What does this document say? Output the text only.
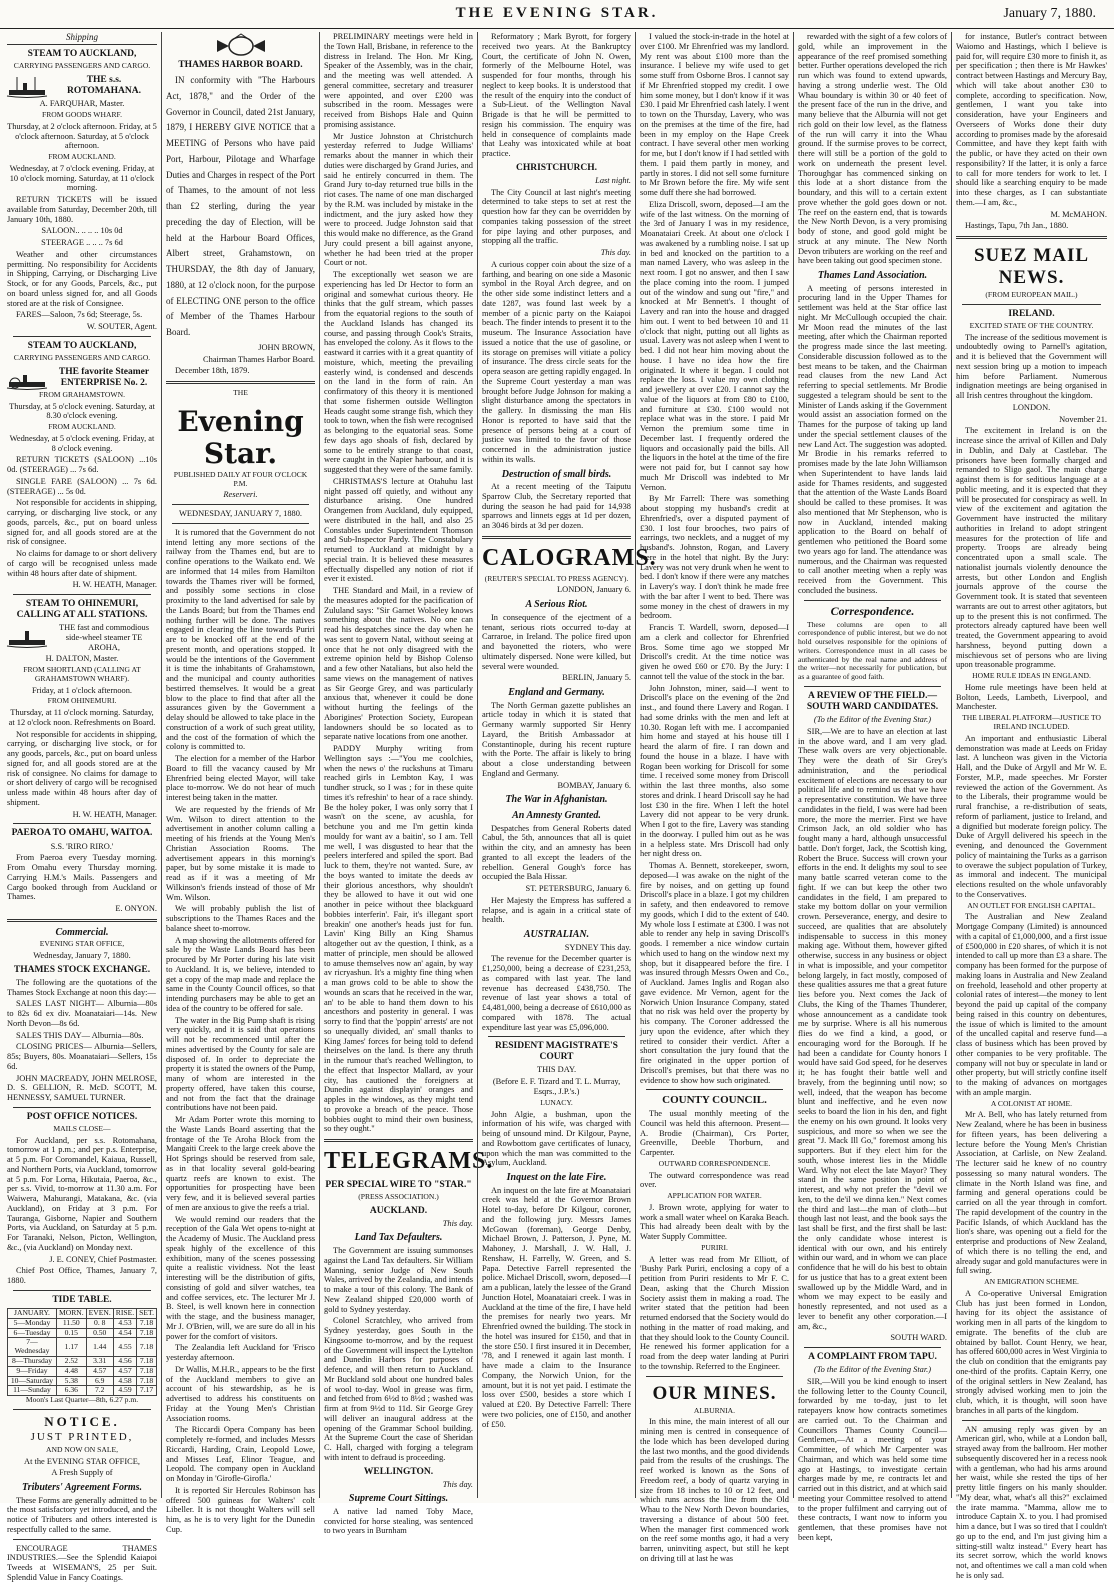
THE EVENING STAR.	January 7, 1880.
Shipping

STEAM TO AUCKLAND,

CARRYING PASSENGERS AND CARGO.

THE s.s. ROTOMAHANA.

A. FARQUHAR, Master.

FROM GOODS WHARF.

Thursday, at 2 o'clock afternoon. Friday, at 5 o'clock afternoon. Saturday, at 5 o'clock afternoon.

FROM AUCKLAND.

Wednesday, at 7 o'clock evening. Friday, at 10 o'clock morning. Saturday, at 11 o'clock morning.

RETURN TICKETS will be issued available from Saturday, December 20th, till January 10th, 1880.

SALOON.. .. .. .. 10s 0d

STEERAGE .. .. .. 7s 6d

Weather and other circumstances permitting. No responsibility for Accidents in Shipping, Carrying, or Discharging Live Stock, or for any Goods, Parcels, &c., put on board unless signed for, and all Goods stored are at the risk of Consignee.

FARES—Saloon, 7s 6d; Steerage, 5s.

W. SOUTER, Agent.

STEAM TO AUCKLAND,

CARRYING PASSENGERS AND CARGO.

THE favorite Steamer ENTERPRISE No. 2.

FROM GRAHAMSTOWN.

Thursday, at 5 o'clock evening. Saturday, at 8.30 o'clock evening.

FROM AUCKLAND.

Wednesday, at 5 o'clock evening. Friday, at 8 o'clock evening.

RETURN TICKETS (SALOON) ...10s 0d. (STEERAGE) ... 7s 6d.

SINGLE FARE (SALOON) ... 7s 6d. (STEERAGE) ... 5s 0d.

Not responsible for accidents in shipping, carrying, or discharging live stock, or any goods, parcels, &c., put on board unless signed for, and all goods stored are at the risk of consignee.

No claims for damage to or short delivery of cargo will be recognised unless made within 48 hours after date of shipment.

H. W. HEATH, Manager.

STEAM TO OHINEMURI, CALLING AT ALL STATIONS.

THE fast and commodious side-wheel steamer TE AROHA,

H. DALTON, Master.

FROM SHORTLAND (CALLING AT GRAHAMSTOWN WHARF).

Friday, at 1 o'clock afternoon.

FROM OHINEMURI.

Thursday, at 11 o'clock morning. Saturday, at 12 o'clock noon. Refreshments on Board.

Not responsible for accidents in shipping, carrying, or discharging live stock, or for any goods, parcels, &c., put on board unless signed for, and all goods stored are at the risk of consignee. No claims for damage to or short delivery of cargo will be recognised unless made within 48 hours after day of shipment.

H. W. HEATH, Manager.

PAEROA TO OMAHU, WAITOA.

S.S. 'RIRO RIRO.'

From Paeroa every Tuesday morning. From Omahu every Thursday morning. Carrying H.M.'s Mails. Passengers and Cargo booked through from Auckland or Thames.

E. ONYON.

Commercial.

EVENING STAR OFFICE,

Wednesday, January 7, 1880.

THAMES STOCK EXCHANGE.

The following are the quotations of the Thames Stock Exchange at noon this day:—

SALES LAST NIGHT— Alburnia—80s to 82s 6d ex div. Moanataiari—14s. New North Devon—8s 6d.

SALES THIS DAY— Alburnia—80s.

CLOSING PRICES— Alburnia—Sellers, 85s; Buyers, 80s. Moanataiari—Sellers, 15s 6d.

JOHN MACREADY, JOHN MELROSE, D. S. GELLION, R. McD. SCOTT, M. HENNESSY, SAMUEL TURNER.

POST OFFICE NOTICES.

MAILS CLOSE—

For Auckland, per s.s. Rotomahana, tomorrow at 1 p.m.; and per p.s. Enterprise, at 5 p.m. For Coromandel, Kaiaua, Russell, and Northern Ports, via Auckland, tomorrow at 5 p.m. For Lorna, Hikutaia, Paeroa, &c., per s.s. Vivid, to-morrow at 11.30 a.m. For Waiwera, Mahurangi, Matakana, &c. (via Auckland), on Friday at 3 p.m. For Tauranga, Gisborne, Napier and Southern Ports, via Auckland, on Saturday at 5 p.m. For Taranaki, Nelson, Picton, Wellington, &c., (via Auckland) on Monday next.

J. E. CONEY, Chief Postmaster.

Chief Post Office, Thames, January 7, 1880.

TIDE TABLE.

JANUARY.	MORN.	EVEN.	RISE.	SET.
5—Monday	11.50	0. 8	4.53	7.18
6—Tuesday	0.15	0.50	4.54	7.18
7—Wednesday	1.17	1.44	4.55	7.18
8—Thursday	2.52	3.31	4.56	7.18
9—Friday	4.48	4.57	4.57	7.18
10—Saturday	5.38	6.9	4.58	7.18
11—Sunday	6.36	7.2	4.59	7.17

Moon's Last Quarter—8th, 6.27 p.m.

NOTICE.

JUST PRINTED,

AND NOW ON SALE,

At the EVENING STAR OFFICE,

A Fresh Supply of

Tributers' Agreement Forms.

These Forms are generally admitted to be the most satisfactory yet introduced, and the notice of Tributers and others interested is respectfully called to the same.

ENCOURAGE THAMES INDUSTRIES.—See the Splendid Kaiapoi Tweeds at WISEMAN'S, 25 per Suit. Splendid Value in Fancy Coatings.

THAMES HARBOR BOARD.

IN conformity with "The Harbours Act, 1878," and the Order of the Governor in Council, dated 21st January, 1879, I HEREBY GIVE NOTICE that a MEETING of Persons who have paid Port, Harbour, Pilotage and Wharfage Duties and Charges in respect of the Port of Thames, to the amount of not less than £2 sterling, during the year preceding the day of Election, will be held at the Harbour Board Offices, Albert street, Grahamstown, on THURSDAY, the 8th day of January, 1880, at 12 o'clock noon, for the purpose of ELECTING ONE person to the office of Member of the Thames Harbour Board.

JOHN BROWN,

Chairman Thames Harbor Board.

December 18th, 1879.

THE

Evening Star.

PUBLISHED DAILY AT FOUR O'CLOCK P.M.

Reserveri.

WEDNESDAY, JANUARY 7, 1880.

It is rumored that the Government do not intend letting any more sections of the railway from the Thames end, but are to confine operations to the Waikato end. We are informed that 14 miles from Hamilton towards the Thames river will be formed, and possibly some sections in close proximity to the land advertised for sale by the Lands Board; but from the Thames end nothing further will be done. The natives engaged in clearing the line towards Puriri are to be knocked off at the end of the present month, and operations stopped. It would be the intentions of the Government it is time the inhabitants of Grahamstown, and the municipal and county authorities bestirred themselves. It would be a great blow to the place to find that after all the assurances given by the Government a delay should be allowed to take place in the construction of a work of such great utility, and the cost of the formation of which the colony is committed to.

The election for a member of the Harbor Board to fill the vacancy caused by Mr Ehrenfried being elected Mayor, will take place to-morrow. We do not hear of much interest being taken in the matter.

We are requested by the friends of Mr Wm. Wilson to direct attention to the advertisement in another column calling a meeting of his friends at the Young Men's Christian Association Rooms. The advertisement appears in this morning's paper, but by some mistake it is made to read as if it was a meeting of Mr Wilkinson's friends instead of those of Mr Wm. Wilson.

We will probably publish the list of subscriptions to the Thames Races and the balance sheet to-morrow.

A map showing the allotments offered for sale by the Waste Lands Board has been procured by Mr Porter during his late visit to Auckland. It is, we believe, intended to get a copy of the map made and replace the same in the County Council offices, so that intending purchasers may be able to get an idea of the country to be offered for sale.

The water in the Big Pump shaft is rising very quickly, and it is said that operations will not be recommenced until after the mines advertised by the County for sale are disposed of. In order to depreciate the property it is stated the owners of the Pump, many of whom are interested in the property offered, have taken this course, and not from the fact that the drainage contributions have not been paid.

Mr Adam Porter wrote this morning to the Waste Lands Board asserting that the frontage of the Te Aroha Block from the Mangaiti Creek to the large creek above the Hot Springs should be reserved from sale, as in that locality several gold-bearing quartz reefs are known to exist. The opportunities for prospecting have been very few, and it is believed several parties of men are anxious to give the reefs a trial.

We would remind our readers that the reception of the Gala Wet opens to-night at the Academy of Music. The Auckland press speak highly of the excellence of this exhibition, many of the scenes possessing quite a realistic vividness. Not the least interesting will be the distribution of gifts, consisting of gold and silver watches, tea and coffee services, etc. The lecturer Mr J. B. Steel, is well known here in connection with the stage, and the business manager, Mr J. O'Brien, will, we are sure do all in his power for the comfort of visitors.

The Zealandia left Auckland for 'Frisco yesterday afternoon.

Dr Wallis, M.H.R., appears to be the first of the Auckland members to give an account of his stewardship, as he is advertised to address his constituents on Friday at the Young Men's Christian Association rooms.

The Riccardi Opera Company has been completely re-formed, and includes Messrs Riccardi, Harding, Crain, Leopold Lowe, and Misses Leaf, Elinor Teague, and Leopold. The company open in Auckland on Monday in 'Girofle-Girofla.'

It is reported Sir Hercules Robinson has offered 500 guineas for Walters' colt Libeller. It is not thought Walters will sell him, as he is to very light for the Dunedin Cup.

PRELIMINARY meetings were held in the Town Hall, Brisbane, in reference to the distress in Ireland. The Hon. Mr King, Speaker of the Assembly, was in the chair, and the meeting was well attended. A general committee, secretary and treasurer were appointed, and over £200 was subscribed in the room. Messages were received from Bishops Hale and Quinn promising assistance.

Mr Justice Johnston at Christchurch yesterday referred to Judge Williams' remarks about the manner in which their duties were discharged by Grand Juries, and said he entirely concurred in them. The Grand Jury to-day returned true bills in the riot cases. The name of one man discharged by the R.M. was included by mistake in the indictment, and the jury asked how they were to proceed. Judge Johnston said that this would make no difference, as the Grand Jury could present a bill against anyone, whether he had been tried at the proper Court or not.

The exceptionally wet season we are experiencing has led Dr Hector to form an original and somewhat curious theory. He thinks that the gulf stream, which passes from the equatorial regions to the south of the Auckland Islands has changed its course, and passing through Cook's Straits, has enveloped the colony. As it flows to the eastward it carries with it a great quantity of moisture, which, meeting the prevailing easterly wind, is condensed and descends on the land in the form of rain. An confirmatory of this theory it is mentioned that some fishermen outside Wellington Heads caught some strange fish, which they took to town, when the fish were recognised as belonging to the equatorial seas. Some few days ago shoals of fish, declared by some to be entirely strange to that coast, were caught in the Napier harbour, and it is suggested that they were of the same family.

CHRISTMAS'S lecture at Otahuhu last night passed off quietly, and without any disturbance arising. One hundred Orangemen from Auckland, duly equipped, were distributed in the hall, and also 25 Constables under Superintendent Thomson and Sub-Inspector Pardy. The Constabulary returned to Auckland at midnight by a special train. It is believed these measures effectually dispelled any notion of riot if ever it existed.

THE Standard and Mail, in a review of the measures adopted for the pacification of Zululand says: "Sir Garnet Wolseley knows something about the natives. No one can read his despatches since the day when he was sent to govern Natal, without seeing at once that he not only disagreed with the extreme opinion held by Bishop Colenso and a few other Natalians, but also held the same views on the management of natives as Sir George Grey, and was particularly anxious that, whenever it could be done without hurting the feelings of the Aborigines' Protection Society, European landowners should be so located as to separate native locations from one another.

PADDY Murphy writing from Wellington says :—"You me coolchies, when the news o' the ruckshuns at Timaru reached girls in Lembton Kay, I was tundher struck, so I was ; for in these quite times it's refreshin' to hear of a race shindy. Be the holey poker, I was only sorry that I wasn't on the scene, av acushla, for betchune you and me I'm gettin kinda mouldy for want av a baitin', so I am. Tell me well, I was disgusted to hear that the peelers interfered and spiled the sport. Bad luck to them, they're not wanted. Sure, av the boys wanted to imitate the deeds av their glorious ancesthors, why shouldn't they be allowed to have it out wid one another in peice without thee blackguard bobbies interferin'. Fair, it's illegant sport breakin' one another's heads just for fun. Lavin' King Billy an King Shamus altogether out av the question, I think, as a matter of principle, men should be allowed to amuse themselves now an' again, by way av ricryashun. It's a mighty fine thing when a man grows cold to be able to show the wounds an scars that he received in the war, an' to be able to hand them down to his ancesthors and posterity in general. I was sorry to find that the 'poppin' arrests' are not so unequally divided, an' small thanks to King James' forces for being told to defend theirselves on the land. Is there any thruth in the rumour that's reached Wellington, to the effect that Inspector Mallard, av your city, has cautioned the foreigners at Dunedin against displayin' oranges and apples in the windows, as they might tend to provoke a breach of the peace. Those bobbies ought to mind their own business, so they ought."

TELEGRAMS.

PER SPECIAL WIRE TO "STAR."

(PRESS ASSOCIATION.)

AUCKLAND.

This day.

Land Tax Defaulters.

The Government are issuing summonses against the Land Tax defaulters. Sir William Manning, senior Judge of New South Wales, arrived by the Zealandia, and intends to make a tour of this colony. The Bank of New Zealand shipped £20,000 worth of gold to Sydney yesterday.

Colonel Scratchley, who arrived from Sydney yesterday, goes South in the Kingsoome to-morrow, and by the request of the Government will inspect the Lyttelton and Dunedin Harbors for purposes of defence, and will then return to Auckland. Mr Buckland sold about one hundred bales of wool to-day. Wool in grease was firm, and fetched from 6½d to 8½d ; washed was firm at from 9½d to 11d. Sir George Grey will deliver an inaugural address at the opening of the Grammar School building. At the Supreme Court the case of Sheridan C. Hall, charged with forging a telegram with intent to defraud is proceeding.

WELLINGTON.

This day.

Supreme Court Sittings.

A native lad named Toby Mace, convicted for horse stealing, was sentenced to two years in Burnham

Reformatory ; Mark Byrott, for forgery received two years. At the Bankruptcy Court, the certificate of John N. Owen, formerly of the Melbourne Hotel, was suspended for four months, through his neglect to keep books. It is understood that the result of the enquiry into the conduct of a Sub-Lieut. of the Wellington Naval Brigade is that he will be permitted to resign his commission. The enquiry was held in consequence of complaints made that Leahy was intoxicated while at boat practice.

CHRISTCHURCH.

Last night.

The City Council at last night's meeting determined to take steps to set at rest the question how far they can be overridden by companies taking possession of the street for pipe laying and other purposes, and stopping all the traffic.

This day.

A curious copper coin about the size of a farthing, and bearing on one side a Masonic symbol in the Royal Arch degree, and on the other side some indistinct letters and a date 1287, was found last week by a member of a picnic party on the Kaiapoi beach. The finder intends to present it to the museum. The Insurance Association have issued a notice that the use of gasoline, or its storage on premises will vitiate a policy of insurance. The dress circle seats for the opera season are getting rapidly engaged. In the Supreme Court yesterday a man was brought before Judge Johnson for making a slight disturbance among the spectators in the gallery. In dismissing the man His Honor is reported to have said that the presence of persons being at a court of justice was limited to the favor of those concerned in the administration justice within its walls.

Destruction of small birds.

At a recent meeting of the Taiputu Sparrow Club, the Secretary reported that during the season he had paid for 14,938 sparrows and linnets eggs at 1d per dozen, an 3046 birds at 3d per dozen.

CALOGRAMS.

(REUTER'S SPECIAL TO PRESS AGENCY).

LONDON, January 6.

A Serious Riot.

In consequence of the ejectment of a tenant, serious riots occurred to-day at Carraroe, in Ireland. The police fired upon and bayonetted the rioters, who were ultimately dispersed. None were killed, but several were wounded.

BERLIN, January 5.

England and Germany.

The North German gazette publishes an article today in which it is stated that Germany warmly supported Sir Henry Layard, the British Ambassador at Constantinople, during his recent rupture with the Porte. The affair is likely to bring about a close understanding between England and Germany.

BOMBAY, January 6.

The War in Afghanistan.

An Amnesty Granted.

Despatches from General Roberts dated Cabul, the 5th, announces that all is quiet within the city, and an amnesty has been granted to all except the leaders of the rebellion. General Gough's force has occupied the Bala Hissar.

ST. PETERSBURG, January 6.

Her Majesty the Empress has suffered a relapse, and is again in a critical state of health.

AUSTRALIAN.

SYDNEY This day.

The revenue for the December quarter is £1,250,000, being a decrease of £231,253, as compared with last year. The land revenue has decreased £438,750. The revenue of last year shows a total of £4,481,000, being a decrease of £610,000 as compared with 1878. The actual expenditure last year was £5,096,000.

RESIDENT MAGISTRATE'S COURT

THIS DAY.

(Before E. F. Tizard and T. L. Murray, Esqrs., J.P.'s.)

LUNACY.

John Algie, a bushman, upon the information of his wife, was charged with being of unsound mind. Dr Kilgour, Payne, and Rowbottom gave certificates of lunacy, upon which the man was committed to the Asylum, Auckland.

Inquest on the late Fire.

An inquest on the late fire at Moanataiari creek was held at the Governor Brown Hotel to-day, before Dr Kilgour, coroner, and the following jury. Messrs James McGowan (foreman), George Denby, Michael Brown, J. Patterson, J. Pyne, M. Mahoney, J. Marshall, J. W. Hall, J. Renshaw, H. Farrelly, W. Green, and S. Papa. Detective Farrell represented the police. Michael Driscoll, sworn, deposed—I am a publican, lately the lessee of the Grand Junction Hotel, Moanataiari creek. I was in Auckland at the time of the fire, I have held the premises for nearly two years. Mr Ehrenfried owned the building. The stock in the hotel was insured for £150, and that in the store £50. I first insured it in December, '78, and I renewed it again last month. I have made a claim to the Insurance Company, the Norwich Union, for the amount, but it is not yet paid. I estimate the loss over £500, besides a store which I valued at £20. By Detective Farrell: There were two policies, one of £150, and another of £50.

I valued the stock-in-trade in the hotel at over £100. Mr Ehrenfried was my landlord. My rent was about £100 more than the insurance. I believe my wife used to get some stuff from Osborne Bros. I cannot say if Mr Ehrenfried stopped my credit. I owe him some money, but I don't know if it was £30. I paid Mr Ehrenfried cash lately. I went to town on the Thursday, Lavery, who was on the premises at the time of the fire, had been in my employ on the Hape Creek contract. I have several other men working for me, but I don't know if I had settled with them. I paid them partly in money, and partly in stores. I did not sell some furniture to Mr Brown before the fire. My wife sent some duff there she had borrowed.

Eliza Driscoll, sworn, deposed—I am the wife of the last witness. On the morning of the 3rd of January I was in my residence, Moanataiari Creek. At about one o'clock I was awakened by a rumbling noise. I sat up in bed and knocked on the partition to a man named Lavery, who was asleep in the next room. I got no answer, and then I saw the place coming into the room. I jumped out of the window and sung out "fire," and knocked at Mr Bennett's. I thought of Lavery and ran into the house and dragged him out. I went to bed between 10 and 11 o'clock that night, putting out all lights as usual. Lavery was not asleep when I went to bed. I did not hear him moving about the house. I have no idea how the fire originated. It where it began. I could not replace the loss. I value my own clothing and jewellery at over £20. I cannot say the value of the liquors at from £80 to £100, and furniture at £30. £100 would not replace what was in the store. I paid Mr Vernon the premium some time in December last. I frequently ordered the liquors and occasionally paid the bills. All the liquors in the hotel at the time of the fire were not paid for, but I cannot say how much Mr Driscoll was indebted to Mr Vernon.

By Mr Farrell: There was something about stopping my husband's credit at Ehrenfried's, over a disputed payment of £30. I lost four brooches, two pairs of earrings, two necklets, and a nugget of my husband's. Johnston, Rogan, and Lavery were in the hotel that night. By the Jury: Lavery was not very drunk when he went to bed. I don't know if there were any matches in Lavery's way. I don't think he made free with the bar after I went to bed. There was some money in the chest of drawers in my bedroom.

Francis T. Wardell, sworn, deposed—I am a clerk and collector for Ehrenfried Bros. Some time ago we stopped Mr Driscoll's credit. At the time notice was given he owed £60 or £70. By the Jury: I cannot tell the value of the stock in the bar.

John Johnston, miner, said—I went to Driscoll's place on the evening of the 2nd inst., and found there Lavery and Rogan. I had some drinks with the men and left at 10.30. Rogan left with me. I accompanied him home and stayed at his house till I heard the alarm of fire. I ran down and found the house in a blaze. I have with Rogan been working for Driscoll for some time. I received some money from Driscoll within the last three months, also some stores and drink. I heard Driscoll say he had lost £30 in the fire. When I left the hotel Lavery did not appear to be very drunk. When I got to the fire, Lavery was standing in the doorway. I pulled him out as he was in a helpless state. Mrs Driscoll had only her night dress on.

Thomas A. Bennett, storekeeper, sworn, deposed—I was awake on the night of the fire by noises, and on getting up found Driscoll's place in a blaze. I got my children in safety, and then endeavored to remove my goods, which I did to the extent of £40. My whole loss I estimate at £300. I was not able to render any help in saving Driscoll's goods. I remember a nice window curtain which used to hang on the window next my shop, but it disappeared before the fire. I was insured through Messrs Owen and Co., of Auckland. James Inglis and Rogan also gave evidence. Mr Vernon, agent for the Norwich Union Insurance Company, stated that no risk was held over the property by his company. The Coroner addressed the jury upon the evidence, after which they retired to consider their verdict. After a short consultation the jury found that the fire originated in the upper portion of Driscoll's premises, but that there was no evidence to show how such originated.

COUNTY COUNCIL.

The usual monthly meeting of the Council was held this afternoon. Present—A. Brodie (Chairman), Crs Porter, Greenville, Deeble Thorburn, and Carpenter.

OUTWARD CORRESPONDENCE.

The outward correspondence was read over.

APPLICATION FOR WATER.

J. Brown wrote, applying for water to work a small water wheel on Karaka Beach. This had already been dealt with by the Water Supply Committee.

PURIRI.

A letter was read from Mr Elliott, of 'Bushy Park Puriri, enclosing a copy of a petition from Puriri residents to Mr F. C. Dean, asking that the Church Mission Society assist them in making a road. The writer stated that the petition had been returned endorsed that the Society would do nothing in the matter of road making, and that they should look to the County Council. He renewed his former application for a road from the deep water landing at Puriri to the township. Referred to the Engineer.

OUR MINES.

ALBURNIA.

In this mine, the main interest of all our mining men is centred in consequence of the lode which has been developed during the last two months, and the good dividends paid from the results of the crushings. The reef worked is known as the Sons of Freedom reef, a body of quartz varying in size from 18 inches to 10 or 12 feet, and which runs across the line from the Old Whau to the New North Devon boundaries, traversing a distance of about 500 feet. When the manager first commenced work on the reef some months ago, it had a very barren, uninviting aspect, but still he kept on driving till at last he was

rewarded with the sight of a few colors of gold, while an improvement in the appearance of the reef promised something better. Further operations developed the rich run which was found to extend upwards, having a strong underlie west. The Old Whau boundary is within 30 or 40 feet of the present face of the run in the drive, and many believe that the Alburnia will not get rich gold on their low level, as the flatness of the run will carry it into the Whau ground. If the surmise proves to be correct, there will still be a portion of the gold to work on underneath the present level. Thoroughgar has commenced sinking on this lode at a short distance from the boundary, and this will to a certain extent prove whether the gold goes down or not. The reef on the eastern end, that is towards the New North Devon, is a very promising body of stone, and good gold might be struck at any minute. The New North Devon tributers are working on the reef and have been taking out good specimen stone.

Thames Land Association.

A meeting of persons interested in procuring land in the Upper Thames for settlement was held at the Star office last night. Mr McCullough occupied the chair. Mr Moon read the minutes of the last meeting, after which the Chairman reported the progress made since the last meeting. Considerable discussion followed as to the best means to be taken, and the Chairman read clauses from the new Land Act referring to special settlements. Mr Brodie suggested a telegram should be sent to the Minister of Lands asking if the Government would assist an association formed on the Thames for the purpose of taking up land under the special settlement clauses of the new Land Act. The suggestion was adopted. Mr Brodie in his remarks referred to promises made by the late John Williamson when Superintendent to have lands laid aside for Thames residents, and suggested that the attention of the Waste Lands Board should be called to these promises. It was also mentioned that Mr Stephenson, who is now in Auckland, intended making application to the Board on behalf of gentlemen who petitioned the Board some two years ago for land. The attendance was numerous, and the Chairman was requested to call another meeting when a reply was received from the Government. This concluded the business.

Correspondence.

These columns are open to all correspondence of public interest, but we do not hold ourselves responsible for the opinions of writers. Correspondence must in all cases be authenticated by the real name and address of the writer—not necessarily for publication, but as a guarantee of good faith.

A REVIEW OF THE FIELD.— SOUTH WARD CANDIDATES.

(To the Editor of the Evening Star.)

SIR,—We are to have an election at last in the above ward, and I am very glad. These walk overs are very objectionable. They were the death of Sir Grey's administration, and the periodical excitement of elections are necessary to our political life and to remind us that we have a representative constitution. We have three candidates in the field, I was were had been more, the more the merrier. First we have Crimson Jack, an old soldier who has fought many a hard, although unsuccessful battle. Don't forget, Jack, the Scottish king, Robert the Bruce. Success will crown your efforts in the end. It delights my soul to see many battle scarred veteran come to the fight. If we can but keep the other two candidates in the field, I am prepared to stake my bottom dollar on your vermilion crown. Perseverance, energy, and desire to succeed, are qualities that are absolutely indispensable to success in this money making age. Without them, however gifted otherwise, success in any business or object in what is impossible, and your competitor belong largely, in fact mostly, composed of these qualities assures me that a great future lies before you. Next comes the Jack of Clubs, the King of the Thames Thunderer, whose announcement as a candidate took me by surprise. Where is all his numerous flies do we find a kind, a good, or encouraging word for the Borough. If he had been a candidate for County honors I would have said God speed, for he deserves it; he has fought their battle well and bravely, from the beginning until now; so well, indeed, that the weapon has become blunt and ineffective, and he even now seeks to board the lion in his den, and fight the enemy on his own ground. It looks very suspicious, and more so when we see the great "J. Mack Ill Go," foremost among his supporters. But if they elect him for the south, whose interest lies in the Middle Ward. Why not elect the late Mayor? They stand in the same position in point of interest, and why not prefer the "devil we ken, to the de'il we dinna ken." Next comes the third and last—the man of cloth—but though last not least, and the book says the last shall be first, and the first shall be last: the only candidate whose interest is identical with our own, and his entirely within our ward, and in whom we can place confidence that he will do his best to obtain for us justice that has to a great extent been swallowed up by the Middle Ward, and in whom we may expect to be easily and honestly represented, and not used as a lever to benefit any other corporation.—I am, &c.,

SOUTH WARD.

A COMPLAINT FROM TAPU.

(To the Editor of the Evening Star.)

SIR,—Will you be kind enough to insert the following letter to the County Council, forwarded by me to-day, just to let ratepayers know how contracts sometimes are carried out. To the Chairman and Councillors Thames County Council— Gentlemen,—At a meeting of your Committee, of which Mr Carpenter was Chairman, and which was held some time ago at Hastings, to investigate certain charges made by me, re contracts let and carried out in this district, and at which said meeting your Committee resolved to attend to the proper fulfilment and carrying out of these contracts, I want now to inform you gentlemen, that these promises have not been kept,

for instance, Butler's contract between Waiomo and Hastings, which I believe is paid for, will require £30 more to finish it, as per specification ; then there is Mr Hawkes' contract between Hastings and Mercury Bay, which will take about another £30 to complete, according to specification. Now, gentlemen, I want you take into consideration, have your Engineers and Overseers of Works done their duty according to promises made by the aforesaid Committee, and have they kept faith with the public, or have they acted on their own responsibility? If the latter, it is only a farce to call for more tenders for work to let. I should like a searching enquiry to be made into these charges, as I can substantiate them.—I am, &c.,

M. McMAHON.

Hastings, Tapu, 7th Jan., 1880.

SUEZ MAIL NEWS.

(FROM EUROPEAN MAIL.)

IRELAND.

EXCITED STATE OF THE COUNTRY.

The increase of the seditious movement is undoubtedly owing to Parnell's agitation, and it is believed that the Government will next session bring up a motion to impeach him before Parliament. Numerous indignation meetings are being organised in all Irish centres throughout the kingdom.

LONDON.

November 21.

The excitement in Ireland is on the increase since the arrival of Killen and Daly in Dublin, and Daly at Castlebar. The prisoners have been formally charged and remanded to Sligo gaol. The main charge against them is for seditious language at a public meeting, and it is expected that they will be prosecuted for conspiracy as well. In view of the excitement and agitation the Government have instructed the military authorities in Ireland to adopt stringent measures for the protection of life and property. Troops are already being concentrated upon a small scale. The nationalist journals violently denounce the arrests, but other London and English journals approve of the course the Government took. It is stated that seventeen warrants are out to arrest other agitators, but up to the present this is not confirmed. The protectors already captured have been well treated, the Government appearing to avoid harshness, beyond putting down a mischievous set of persons who are living upon treasonable programme.

HOME RULE IDEAS IN ENGLAND.

Home rule meetings have been held at Bolton, Leeds, Lambeth, Liverpool, and Manchester.

THE LIBERAL PLATFORM—JUSTICE TO IRELAND INCLUDED.

An important and enthusiastic Liberal demonstration was made at Leeds on Friday last. A luncheon was given in the Victoria Hall, and the Duke of Argyll and Mr W. E. Forster, M.P., made speeches. Mr Forster reviewed the action of the Government. As to the Liberals, their programme would be rural franchise, a re-distribution of seats, reform of parliament, justice to Ireland, and a dignified but moderate foreign policy. The Duke of Argyll delivered his speech in the evening, and denounced the Government policy of maintaining the Turks as a garrison to overawe the subject population of Turkey, as immoral and indecent. The municipal elections resulted on the whole unfavorably to the Conservatives.

AN OUTLET FOR ENGLISH CAPITAL.

The Australian and New Zealand Mortgage Company (Limited) is announced with a capital of £1,000,000, and a first issue of £500,000 in £20 shares, of which it is not intended to call up more than £3 a share. The company has been formed for the purpose of making loans in Australia and New Zealand on freehold, leasehold and other property at colonial rates of interest—the money to lent beyond the paid up capital of the company being raised in this country on debentures, the issue of which is limited to the amount of the uncalled capital and reserve fund—a class of business which has been proved by other companies to be very profitable. The company will not buy or speculate in land or other property, but will strictly confine itself to the making of advances on mortgages with an ample margin.

A COLONIST AT HOME.

Mr A. Bell, who has lately returned from New Zealand, where he has been in business for fifteen years, has been delivering a lecture before the Young Men's Christian Association, at Carlisle, on New Zealand. The lecturer said he knew of no country possessing so many natural wonders. The climate in the North Island was fine, and farming and general operations could be carried on all the year through in comfort. The rapid development of the country in the Pacific Islands, of which Auckland has the lion's share, was opening out a field for the enterprise and productions of New Zealand, of which there is no telling the end, and already sugar and gold manufactures were in full swing.

AN EMIGRATION SCHEME.

A Co-operative Universal Emigration Club has just been formed in London, having for its object the assistance of working men in all parts of the kingdom to emigrate. The benefits of the club are obtained by ballot. Count Henry, we hear, has offered 600,000 acres in West Virginia to the club on condition that the emigrants pay one-third of the profits. Captain Kerry, one of the original settlers in New Zealand, has strongly advised working men to join the club, which, it is thought, will soon have branches in all parts of the kingdom.

AN amusing reply was given by an American girl, who, while at a London ball, strayed away from the ballroom. Her mother subsequently discovered her in a recess nook with a gentleman, who had his arms around her waist, while she rested the tips of her pretty little fingers on his manly shoulder. "My dear, what, what's all this?" exclaimed the irate mamma. "Mamma, allow me to introduce Captain X. to you. I had promised him a dance, but I was so tired that I couldn't go up to the end, and I'm just giving him a sitting-still waltz instead." Every heart has its secret sorrow, which the world knows not, and oftentimes we call a man cold when he is only sad.
